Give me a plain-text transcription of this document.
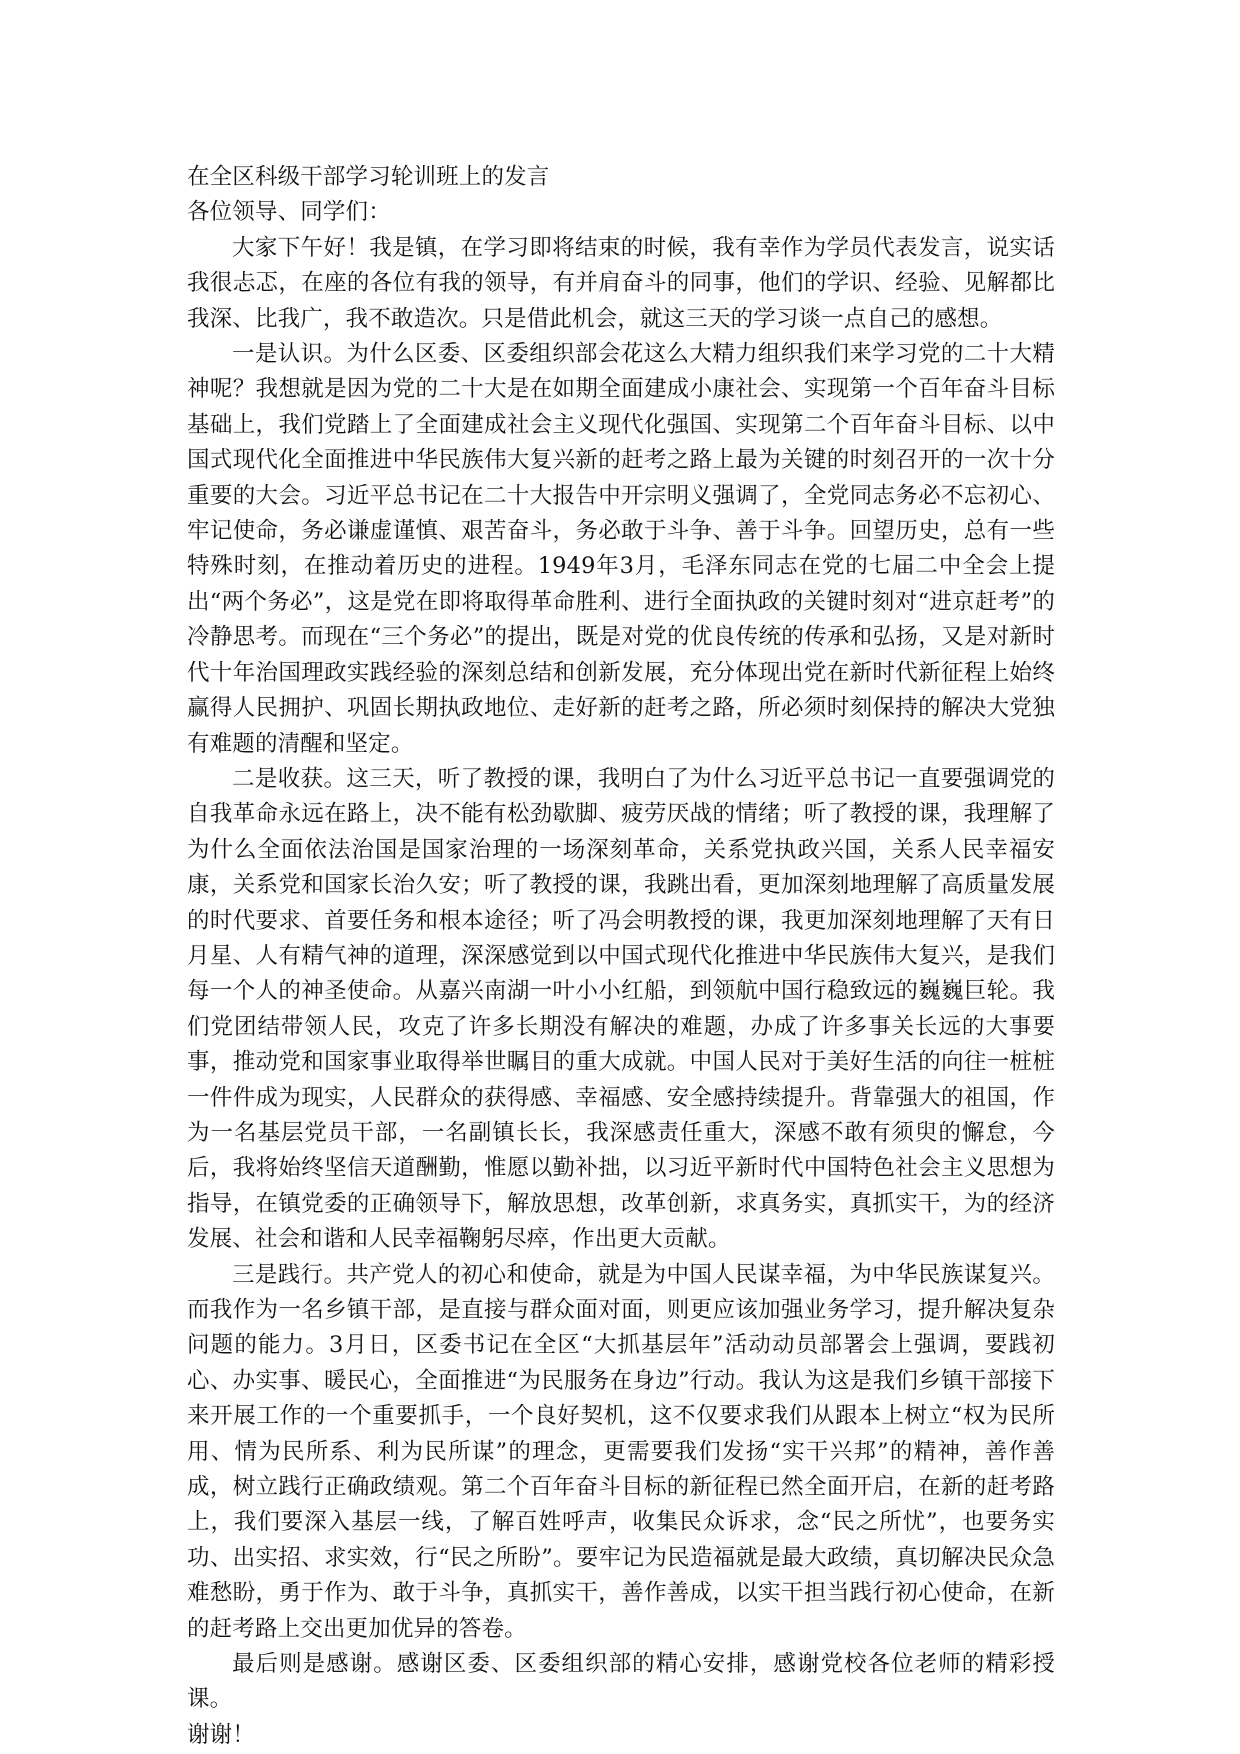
在全区科级干部学习轮训班上的发言

各位领导、同学们：

大家下午好！我是镇，在学习即将结束的时候，我有幸作为学员代表发言，说实话我很忐忑，在座的各位有我的领导，有并肩奋斗的同事，他们的学识、经验、见解都比我深、比我广，我不敢造次。只是借此机会，就这三天的学习谈一点自己的感想。

一是认识。为什么区委、区委组织部会花这么大精力组织我们来学习党的二十大精神呢？我想就是因为党的二十大是在如期全面建成小康社会、实现第一个百年奋斗目标基础上，我们党踏上了全面建成社会主义现代化强国、实现第二个百年奋斗目标、以中国式现代化全面推进中华民族伟大复兴新的赶考之路上最为关键的时刻召开的一次十分重要的大会。习近平总书记在二十大报告中开宗明义强调了，全党同志务必不忘初心、牢记使命，务必谦虚谨慎、艰苦奋斗，务必敢于斗争、善于斗争。回望历史，总有一些特殊时刻，在推动着历史的进程。1949年3月，毛泽东同志在党的七届二中全会上提出“两个务必”，这是党在即将取得革命胜利、进行全面执政的关键时刻对“进京赶考”的冷静思考。而现在“三个务必”的提出，既是对党的优良传统的传承和弘扬，又是对新时代十年治国理政实践经验的深刻总结和创新发展，充分体现出党在新时代新征程上始终赢得人民拥护、巩固长期执政地位、走好新的赶考之路，所必须时刻保持的解决大党独有难题的清醒和坚定。

二是收获。这三天，听了教授的课，我明白了为什么习近平总书记一直要强调党的自我革命永远在路上，决不能有松劲歇脚、疲劳厌战的情绪；听了教授的课，我理解了为什么全面依法治国是国家治理的一场深刻革命，关系党执政兴国，关系人民幸福安康，关系党和国家长治久安；听了教授的课，我跳出看，更加深刻地理解了高质量发展的时代要求、首要任务和根本途径；听了冯会明教授的课，我更加深刻地理解了天有日月星、人有精气神的道理，深深感觉到以中国式现代化推进中华民族伟大复兴，是我们每一个人的神圣使命。从嘉兴南湖一叶小小红船，到领航中国行稳致远的巍巍巨轮。我们党团结带领人民，攻克了许多长期没有解决的难题，办成了许多事关长远的大事要事，推动党和国家事业取得举世瞩目的重大成就。中国人民对于美好生活的向往一桩桩一件件成为现实，人民群众的获得感、幸福感、安全感持续提升。背靠强大的祖国，作为一名基层党员干部，一名副镇长长，我深感责任重大，深感不敢有须臾的懈怠，今后，我将始终坚信天道酬勤，惟愿以勤补拙，以习近平新时代中国特色社会主义思想为指导，在镇党委的正确领导下，解放思想，改革创新，求真务实，真抓实干，为的经济发展、社会和谐和人民幸福鞠躬尽瘁，作出更大贡献。

三是践行。共产党人的初心和使命，就是为中国人民谋幸福，为中华民族谋复兴。而我作为一名乡镇干部，是直接与群众面对面，则更应该加强业务学习，提升解决复杂问题的能力。3月日，区委书记在全区“大抓基层年”活动动员部署会上强调，要践初心、办实事、暖民心，全面推进“为民服务在身边”行动。我认为这是我们乡镇干部接下来开展工作的一个重要抓手，一个良好契机，这不仅要求我们从跟本上树立“权为民所用、情为民所系、利为民所谋”的理念，更需要我们发扬“实干兴邦”的精神，善作善成，树立践行正确政绩观。第二个百年奋斗目标的新征程已然全面开启，在新的赶考路上，我们要深入基层一线，了解百姓呼声，收集民众诉求，念“民之所忧”，也要务实功、出实招、求实效，行“民之所盼”。要牢记为民造福就是最大政绩，真切解决民众急难愁盼，勇于作为、敢于斗争，真抓实干，善作善成，以实干担当践行初心使命，在新的赶考路上交出更加优异的答卷。

最后则是感谢。感谢区委、区委组织部的精心安排，感谢党校各位老师的精彩授课。

谢谢！
